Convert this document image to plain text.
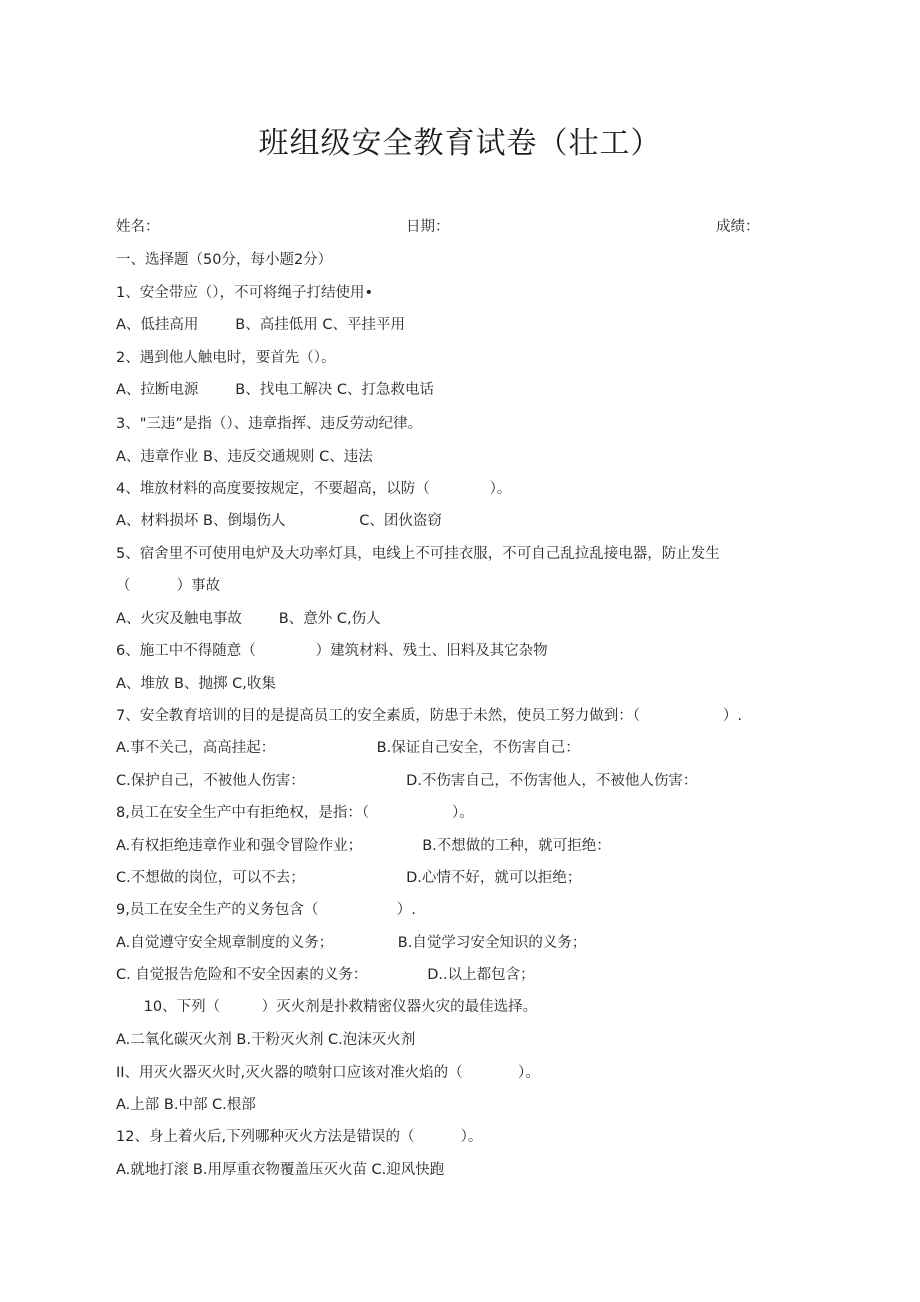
班组级安全教育试卷（壮工）
姓名：	日期：	成绩：
一、选择题（50分，每小题2分）
1、安全带应（），不可将绳子打结使用•
A、低挂高用        B、高挂低用 C、平挂平用
2、遇到他人触电时，要首先（）。
A、拉断电源        B、找电工解决 C、打急救电话
3、"三违”是指（）、违章指挥、违反劳动纪律。
A、违章作业 B、违反交通规则 C、违法
4、堆放材料的高度要按规定，不要超高，以防（             ）。
A、材料损坏 B、倒塌伤人                C、团伙盗窃
5、宿舍里不可使用电炉及大功率灯具，电线上不可挂衣服，不可自己乱拉乱接电器，防止发生
（          ）事故
A、火灾及触电事故        B、意外 C,伤人
6、施工中不得随意（             ）建筑材料、残土、旧料及其它杂物
A、堆放 B、抛掷 C,收集
7、安全教育培训的目的是提高员工的安全素质，防患于未然，使员工努力做到：（                  ）.
A.事不关己，高高挂起：                      B.保证自己安全，不伤害自己：
C.保护自己，不被他人伤害：                      D.不伤害自己，不伤害他人，不被他人伤害：
8,员工在安全生产中有拒绝权，是指：（                  ）。
A.有权拒绝违章作业和强令冒险作业；             B.不想做的工种，就可拒绝：
C.不想做的岗位，可以不去；                      D.心情不好，就可以拒绝；
9,员工在安全生产的义务包含（                 ）.
A.自觉遵守安全规章制度的义务；              B.自觉学习安全知识的义务；
C. 自觉报告危险和不安全因素的义务：             D..以上都包含；
10、下列（         ）灭火剂是扑救精密仪器火灾的最佳选择。
A.二氧化碳灭火剂 B.干粉灭火剂 C.泡沫灭火剂
II、用灭火器灭火时,灭火器的喷射口应该对准火焰的（            ）。
A.上部 B.中部 C.根部
12、身上着火后,下列哪种灭火方法是错误的（          ）。
A.就地打滚 B.用厚重衣物覆盖压灭火苗 C.迎风快跑
